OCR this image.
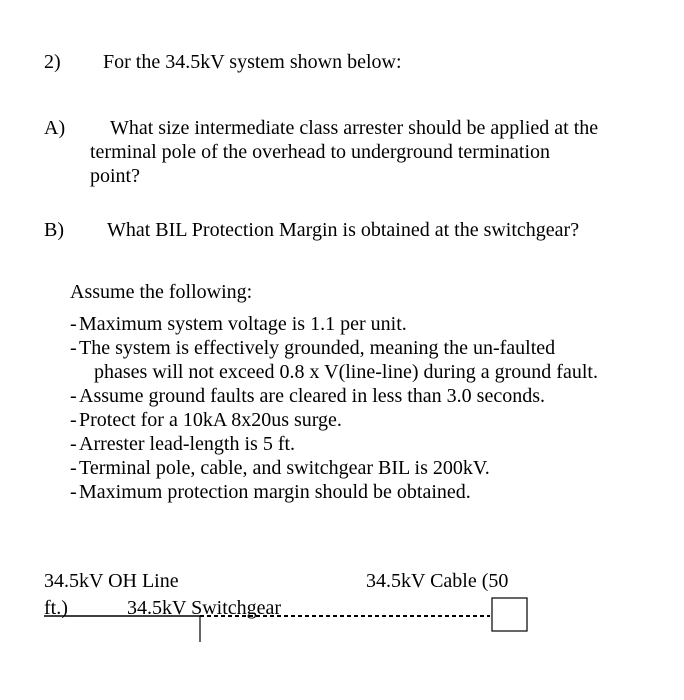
2) For the 34.5kV system shown below:
A) What size intermediate class arrester should be applied at the
terminal pole of the overhead to underground termination
point?
B) What BIL Protection Margin is obtained at the switchgear?
Assume the following:
- Maximum system voltage is 1.1 per unit.
- The system is effectively grounded, meaning the un-faulted
phases will not exceed 0.8 x V(line-line) during a ground fault.
- Assume ground faults are cleared in less than 3.0 seconds.
- Protect for a 10kA 8x20us surge.
- Arrester lead-length is 5 ft.
- Terminal pole, cable, and switchgear BIL is 200kV.
- Maximum protection margin should be obtained.
34.5kV OH Line	34.5kV Cable (50
ft.)	34.5kV Switchgear
